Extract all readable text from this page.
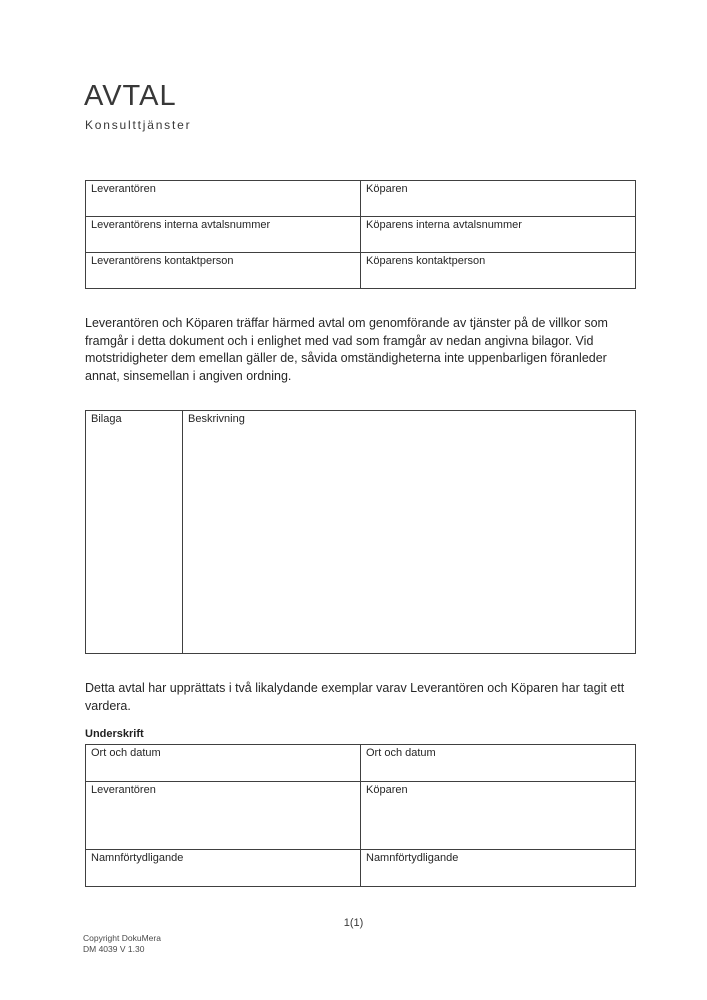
AVTAL
Konsulttjänster
Leverantören	Köparen
Leverantörens interna avtalsnummer	Köparens interna avtalsnummer
Leverantörens kontaktperson	Köparens kontaktperson

Leverantören och Köparen träffar härmed avtal om genomförande av tjänster på de villkor som framgår i detta dokument och i enlighet med vad som framgår av nedan angivna bilagor. Vid motstridigheter dem emellan gäller de, såvida omständigheterna inte uppenbarligen föranleder annat, sinsemellan i angiven ordning.

Bilaga	Beskrivning

Detta avtal har upprättats i två likalydande exemplar varav Leverantören och Köparen har tagit ett vardera.

Underskrift
Ort och datum	Ort och datum
Leverantören	Köparen
Namnförtydligande	Namnförtydligande
1(1)
Copyright DokuMera
DM 4039 V 1.30
